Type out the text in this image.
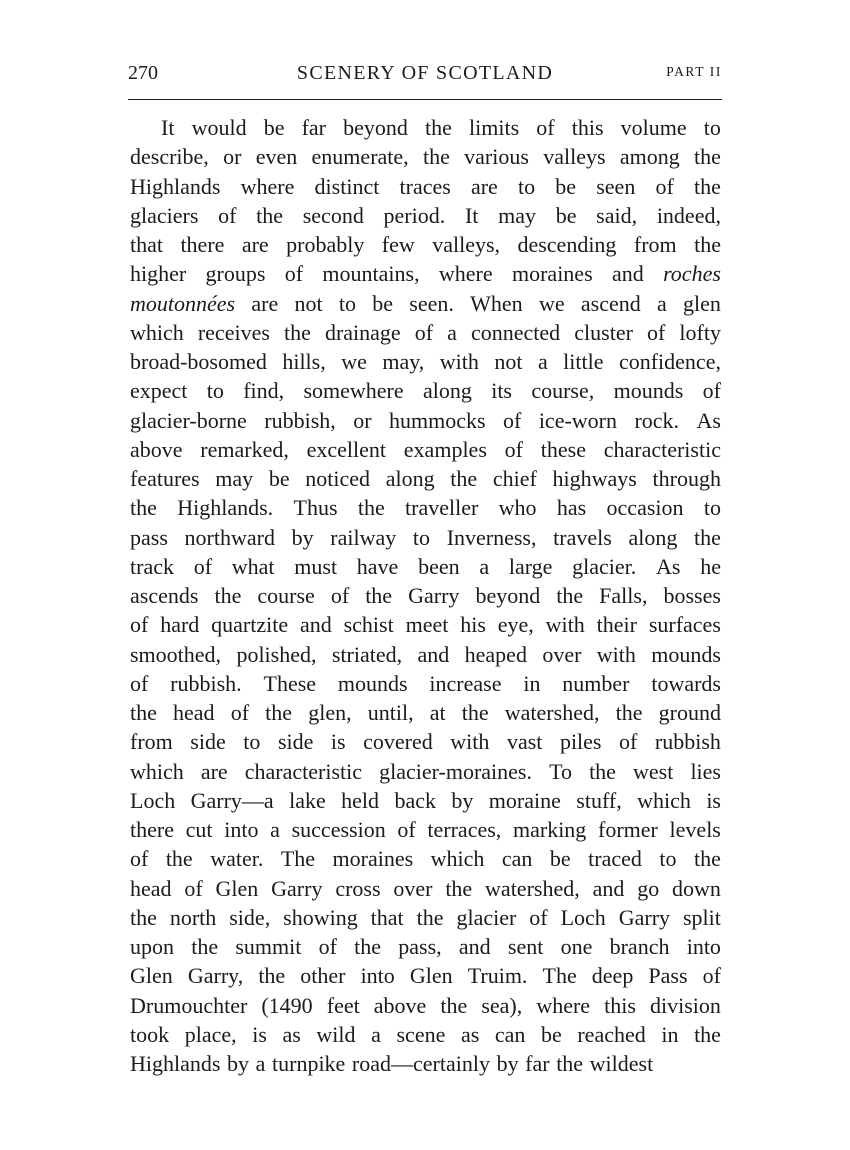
270	SCENERY OF SCOTLAND	PART II
It would be far beyond the limits of this volume to
describe, or even enumerate, the various valleys among the
Highlands where distinct traces are to be seen of the
glaciers of the second period. It may be said, indeed,
that there are probably few valleys, descending from the
higher groups of mountains, where moraines and roches
moutonnées are not to be seen. When we ascend a glen
which receives the drainage of a connected cluster of lofty
broad-bosomed hills, we may, with not a little confidence,
expect to find, somewhere along its course, mounds of
glacier-borne rubbish, or hummocks of ice-worn rock. As
above remarked, excellent examples of these characteristic
features may be noticed along the chief highways through
the Highlands. Thus the traveller who has occasion to
pass northward by railway to Inverness, travels along the
track of what must have been a large glacier. As he
ascends the course of the Garry beyond the Falls, bosses
of hard quartzite and schist meet his eye, with their surfaces
smoothed, polished, striated, and heaped over with mounds
of rubbish. These mounds increase in number towards
the head of the glen, until, at the watershed, the ground
from side to side is covered with vast piles of rubbish
which are characteristic glacier-moraines. To the west lies
Loch Garry—a lake held back by moraine stuff, which is
there cut into a succession of terraces, marking former levels
of the water. The moraines which can be traced to the
head of Glen Garry cross over the watershed, and go down
the north side, showing that the glacier of Loch Garry split
upon the summit of the pass, and sent one branch into
Glen Garry, the other into Glen Truim. The deep Pass of
Drumouchter (1490 feet above the sea), where this division
took place, is as wild a scene as can be reached in the
Highlands by a turnpike road—certainly by far the wildest
